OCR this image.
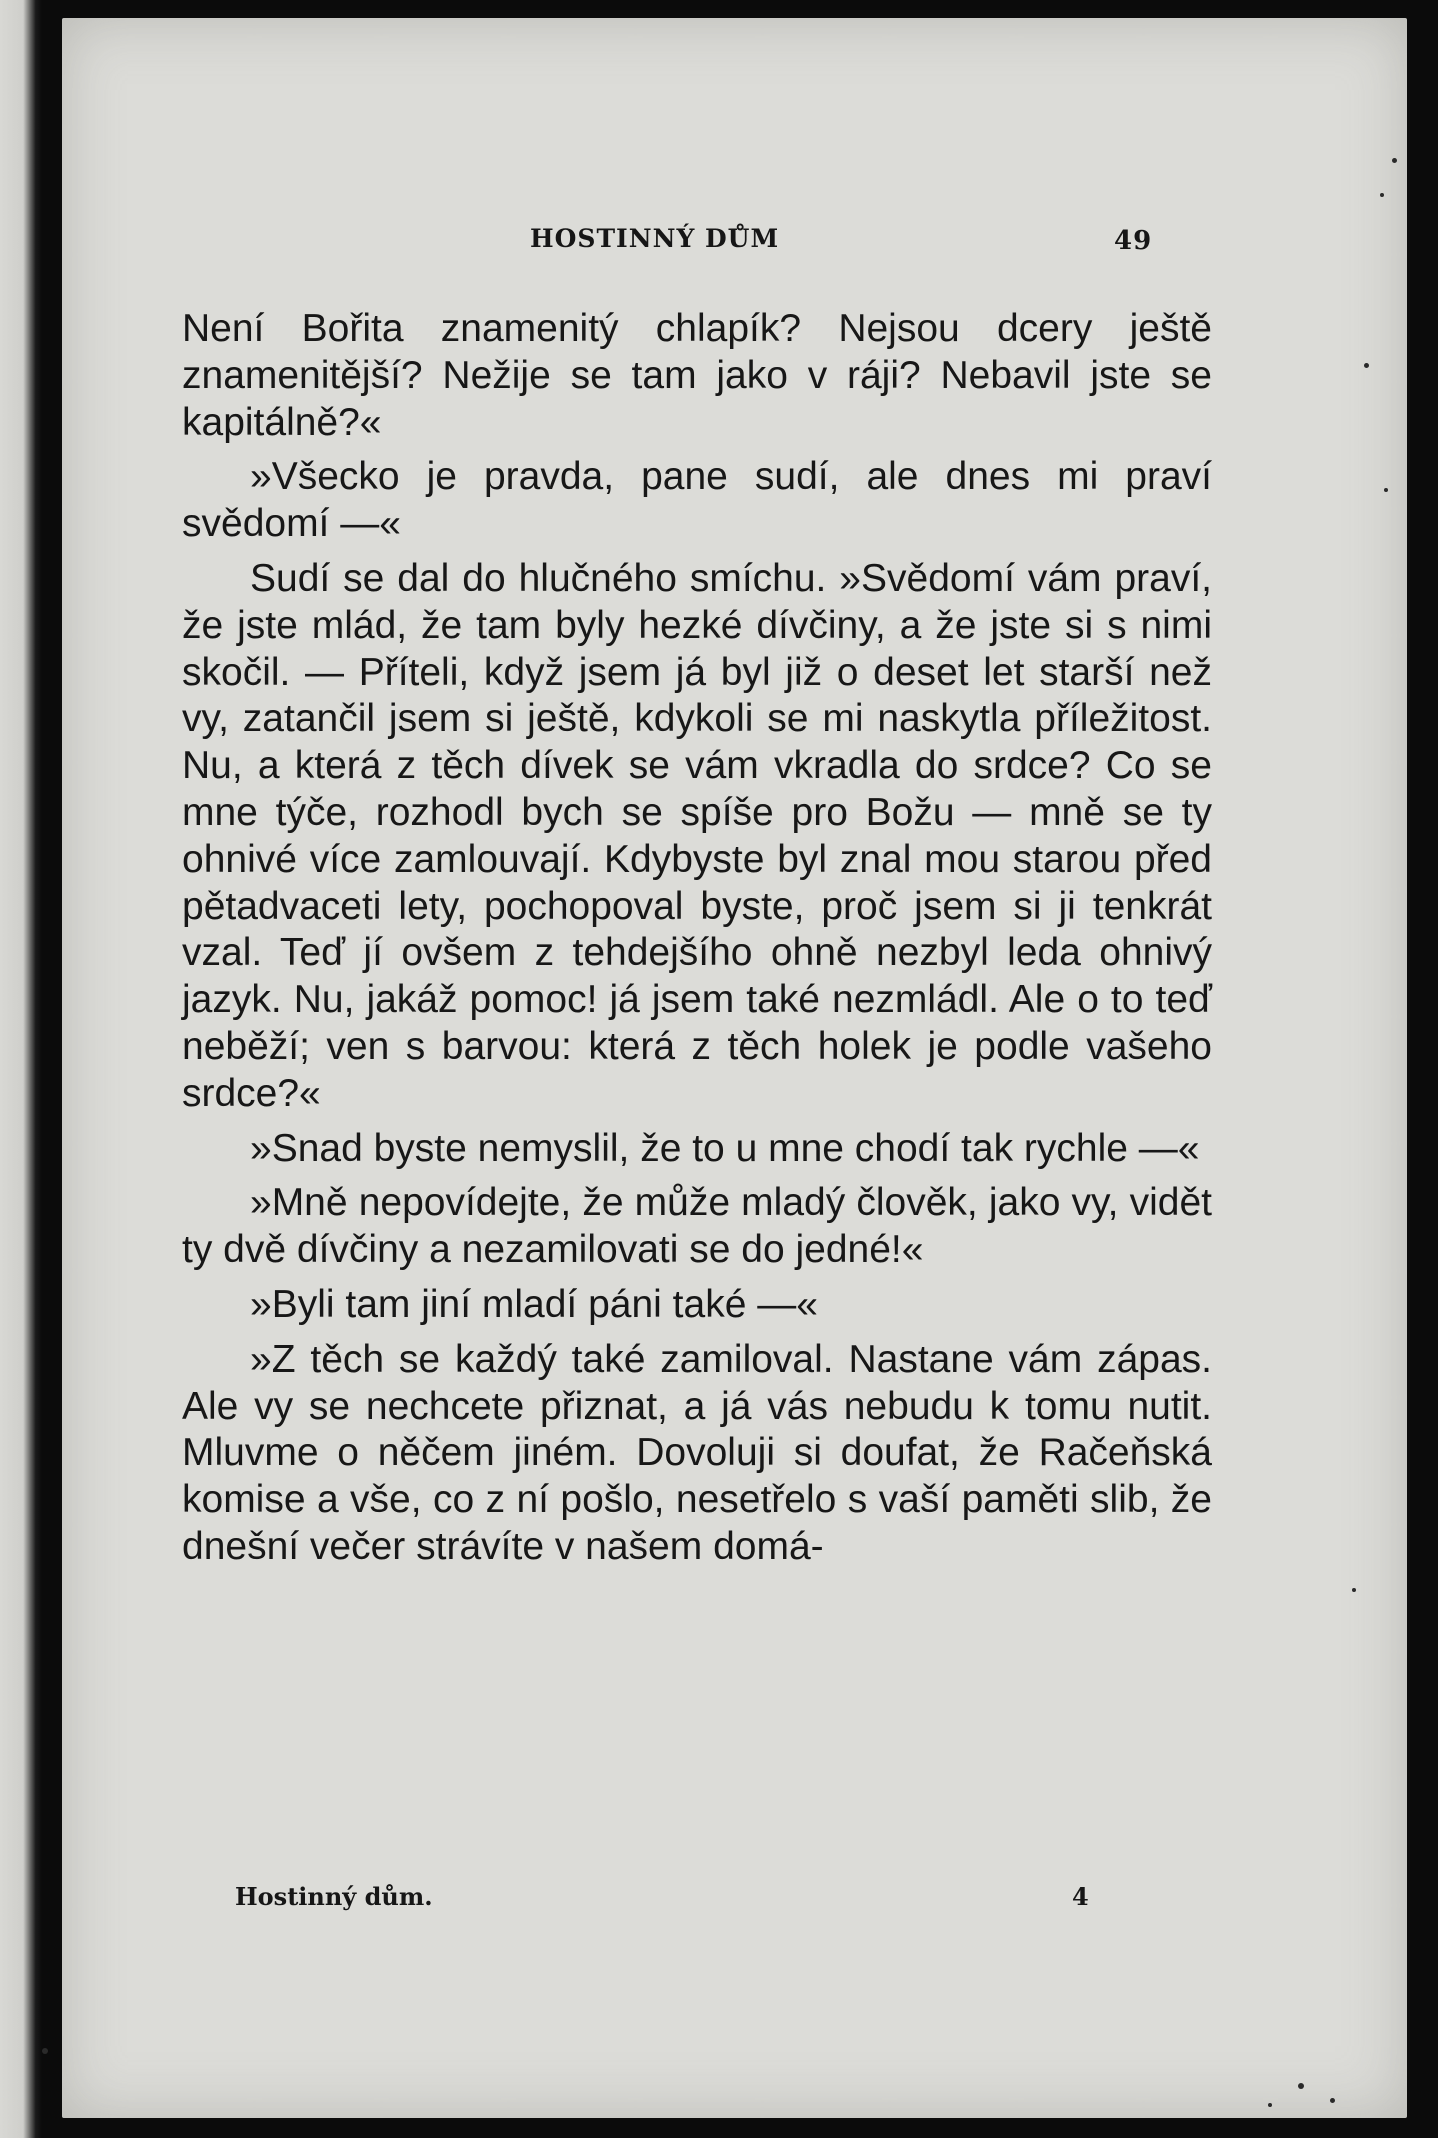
HOSTINNÝ DŮM	49

Není Bořita znamenitý chlapík? Nejsou dcery ještě znamenitější? Nežije se tam jako v ráji? Nebavil jste se kapitálně?«

»Všecko je pravda, pane sudí, ale dnes mi praví svědomí —«

Sudí se dal do hlučného smíchu. »Svědomí vám praví, že jste mlád, že tam byly hezké dívčiny, a že jste si s nimi skočil. — Příteli, když jsem já byl již o deset let starší než vy, zatančil jsem si ještě, kdykoli se mi naskytla příležitost. Nu, a která z těch dívek se vám vkradla do srdce? Co se mne týče, rozhodl bych se spíše pro Božu — mně se ty ohnivé více zamlouvají. Kdybyste byl znal mou starou před pětadvaceti lety, pochopoval byste, proč jsem si ji tenkrát vzal. Teď jí ovšem z tehdejšího ohně nezbyl leda ohnivý jazyk. Nu, jakáž pomoc! já jsem také nezmládl. Ale o to teď neběží; ven s barvou: která z těch holek je podle vašeho srdce?«

»Snad byste nemyslil, že to u mne chodí tak rychle —«

»Mně nepovídejte, že může mladý člověk, jako vy, vidět ty dvě dívčiny a nezamilovati se do jedné!«

»Byli tam jiní mladí páni také —«

»Z těch se každý také zamiloval. Nastane vám zápas. Ale vy se nechcete přiznat, a já vás nebudu k tomu nutit. Mluvme o něčem jiném. Dovoluji si doufat, že Račeňská komise a vše, co z ní pošlo, nesetřelo s vaší paměti slib, že dnešní večer strávíte v našem domá-

Hostinný dům.	4
